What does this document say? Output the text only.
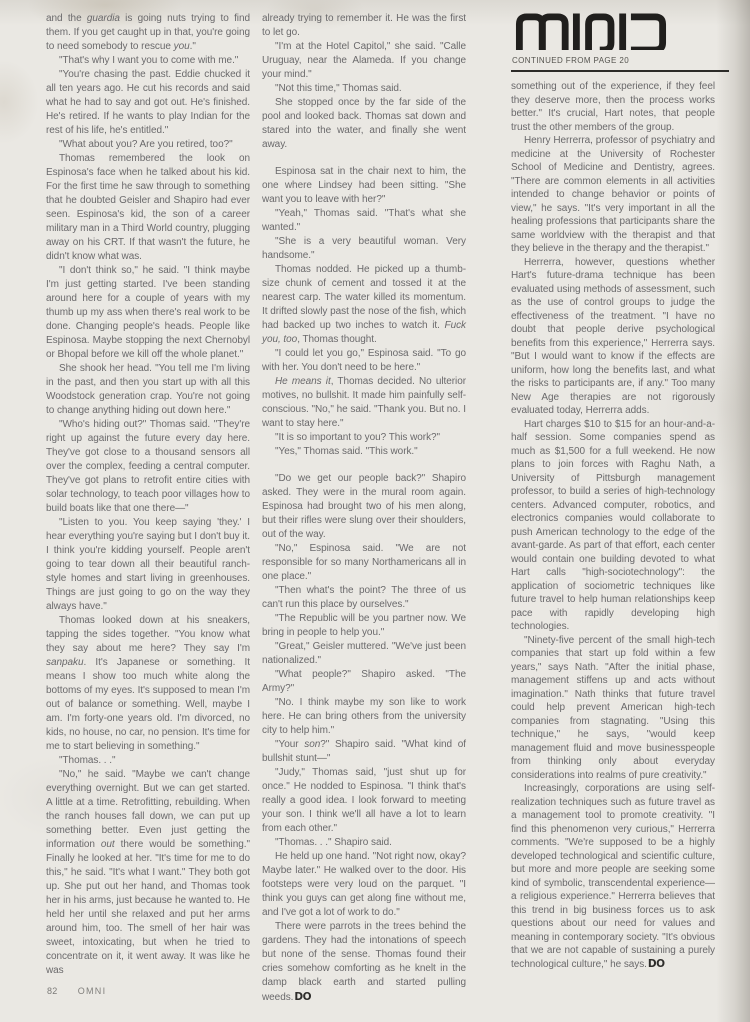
and the guardia is going nuts trying to find them. If you get caught up in that, you're going to need somebody to rescue you."

"That's why I want you to come with me."

"You're chasing the past. Eddie chucked it all ten years ago. He cut his records and said what he had to say and got out. He's finished. He's retired. If he wants to play Indian for the rest of his life, he's entitled."

"What about you? Are you retired, too?"

Thomas remembered the look on Espinosa's face when he talked about his kid. For the first time he saw through to something that he doubted Geisler and Shapiro had ever seen. Espinosa's kid, the son of a career military man in a Third World country, plugging away on his CRT. If that wasn't the future, he didn't know what was.

"I don't think so," he said. "I think maybe I'm just getting started. I've been standing around here for a couple of years with my thumb up my ass when there's real work to be done. Changing people's heads. People like Espinosa. Maybe stopping the next Chernobyl or Bhopal before we kill off the whole planet."

She shook her head. "You tell me I'm living in the past, and then you start up with all this Woodstock generation crap. You're not going to change anything hiding out down here."

"Who's hiding out?" Thomas said. "They're right up against the future every day here. They've got close to a thousand sensors all over the complex, feeding a central computer. They've got plans to retrofit entire cities with solar technology, to teach poor villages how to build boats like that one there—"

"Listen to you. You keep saying 'they.' I hear everything you're saying but I don't buy it. I think you're kidding yourself. People aren't going to tear down all their beautiful ranch-style homes and start living in greenhouses. Things are just going to go on the way they always have."

Thomas looked down at his sneakers, tapping the sides together. "You know what they say about me here? They say I'm sanpaku. It's Japanese or something. It means I show too much white along the bottoms of my eyes. It's supposed to mean I'm out of balance or something. Well, maybe I am. I'm forty-one years old. I'm divorced, no kids, no house, no car, no pension. It's time for me to start believing in something."

"Thomas. . ."

"No," he said. "Maybe we can't change everything overnight. But we can get started. A little at a time. Retrofitting, rebuilding. When the ranch houses fall down, we can put up something better. Even just getting the information out there would be something." Finally he looked at her. "It's time for me to do this," he said. "It's what I want." They both got up. She put out her hand, and Thomas took her in his arms, just because he wanted to. He held her until she relaxed and put her arms around him, too. The smell of her hair was sweet, intoxicating, but when he tried to concentrate on it, it went away. It was like he was

already trying to remember it. He was the first to let go.

"I'm at the Hotel Capitol," she said. "Calle Uruguay, near the Alameda. If you change your mind."

"Not this time," Thomas said.

She stopped once by the far side of the pool and looked back. Thomas sat down and stared into the water, and finally she went away.

Espinosa sat in the chair next to him, the one where Lindsey had been sitting. "She want you to leave with her?"

"Yeah," Thomas said. "That's what she wanted."

"She is a very beautiful woman. Very handsome."

Thomas nodded. He picked up a thumb-size chunk of cement and tossed it at the nearest carp. The water killed its momentum. It drifted slowly past the nose of the fish, which had backed up two inches to watch it. Fuck you, too, Thomas thought.

"I could let you go," Espinosa said. "To go with her. You don't need to be here."

He means it, Thomas decided. No ulterior motives, no bullshit. It made him painfully self-conscious. "No," he said. "Thank you. But no. I want to stay here."

"It is so important to you? This work?"

"Yes," Thomas said. "This work."

"Do we get our people back?" Shapiro asked. They were in the mural room again. Espinosa had brought two of his men along, but their rifles were slung over their shoulders, out of the way.

"No," Espinosa said. "We are not responsible for so many Northamericans all in one place."

"Then what's the point? The three of us can't run this place by ourselves."

"The Republic will be you partner now. We bring in people to help you."

"Great," Geisler muttered. "We've just been nationalized."

"What people?" Shapiro asked. "The Army?"

"No. I think maybe my son like to work here. He can bring others from the university city to help him."

"Your son?" Shapiro said. "What kind of bullshit stunt—"

"Judy," Thomas said, "just shut up for once." He nodded to Espinosa. "I think that's really a good idea. I look forward to meeting your son. I think we'll all have a lot to learn from each other."

"Thomas. . ." Shapiro said.

He held up one hand. "Not right now, okay? Maybe later." He walked over to the door. His footsteps were very loud on the parquet. "I think you guys can get along fine without me, and I've got a lot of work to do."

There were parrots in the trees behind the gardens. They had the intonations of speech but none of the sense. Thomas found their cries somehow comforting as he knelt in the damp black earth and started pulling weeds.DO

CONTINUED FROM PAGE 20

something out of the experience, if they feel they deserve more, then the process works better." It's crucial, Hart notes, that people trust the other members of the group.

Henry Herrerra, professor of psychiatry and medicine at the University of Rochester School of Medicine and Dentistry, agrees. "There are common elements in all activities intended to change behavior or points of view," he says. "It's very important in all the healing professions that participants share the same worldview with the therapist and that they believe in the therapy and the therapist."

Herrerra, however, questions whether Hart's future-drama technique has been evaluated using methods of assessment, such as the use of control groups to judge the effectiveness of the treatment. "I have no doubt that people derive psychological benefits from this experience," Herrerra says. "But I would want to know if the effects are uniform, how long the benefits last, and what the risks to participants are, if any." Too many New Age therapies are not rigorously evaluated today, Herrerra adds.

Hart charges $10 to $15 for an hour-and-a-half session. Some companies spend as much as $1,500 for a full weekend. He now plans to join forces with Raghu Nath, a University of Pittsburgh management professor, to build a series of high-technology centers. Advanced computer, robotics, and electronics companies would collaborate to push American technology to the edge of the avant-garde. As part of that effort, each center would contain one building devoted to what Hart calls "high-sociotechnology": the application of sociometric techniques like future travel to help human relationships keep pace with rapidly developing high technologies.

"Ninety-five percent of the small high-tech companies that start up fold within a few years," says Nath. "After the initial phase, management stiffens up and acts without imagination." Nath thinks that future travel could help prevent American high-tech companies from stagnating. "Using this technique," he says, "would keep management fluid and move businesspeople from thinking only about everyday considerations into realms of pure creativity."

Increasingly, corporations are using self-realization techniques such as future travel as a management tool to promote creativity. "I find this phenomenon very curious," Herrerra comments. "We're supposed to be a highly developed technological and scientific culture, but more and more people are seeking some kind of symbolic, transcendental experience—a religious experience." Herrerra believes that this trend in big business forces us to ask questions about our need for values and meaning in contemporary society. "It's obvious that we are not capable of sustaining a purely technological culture," he says.DO

82 OMNI
